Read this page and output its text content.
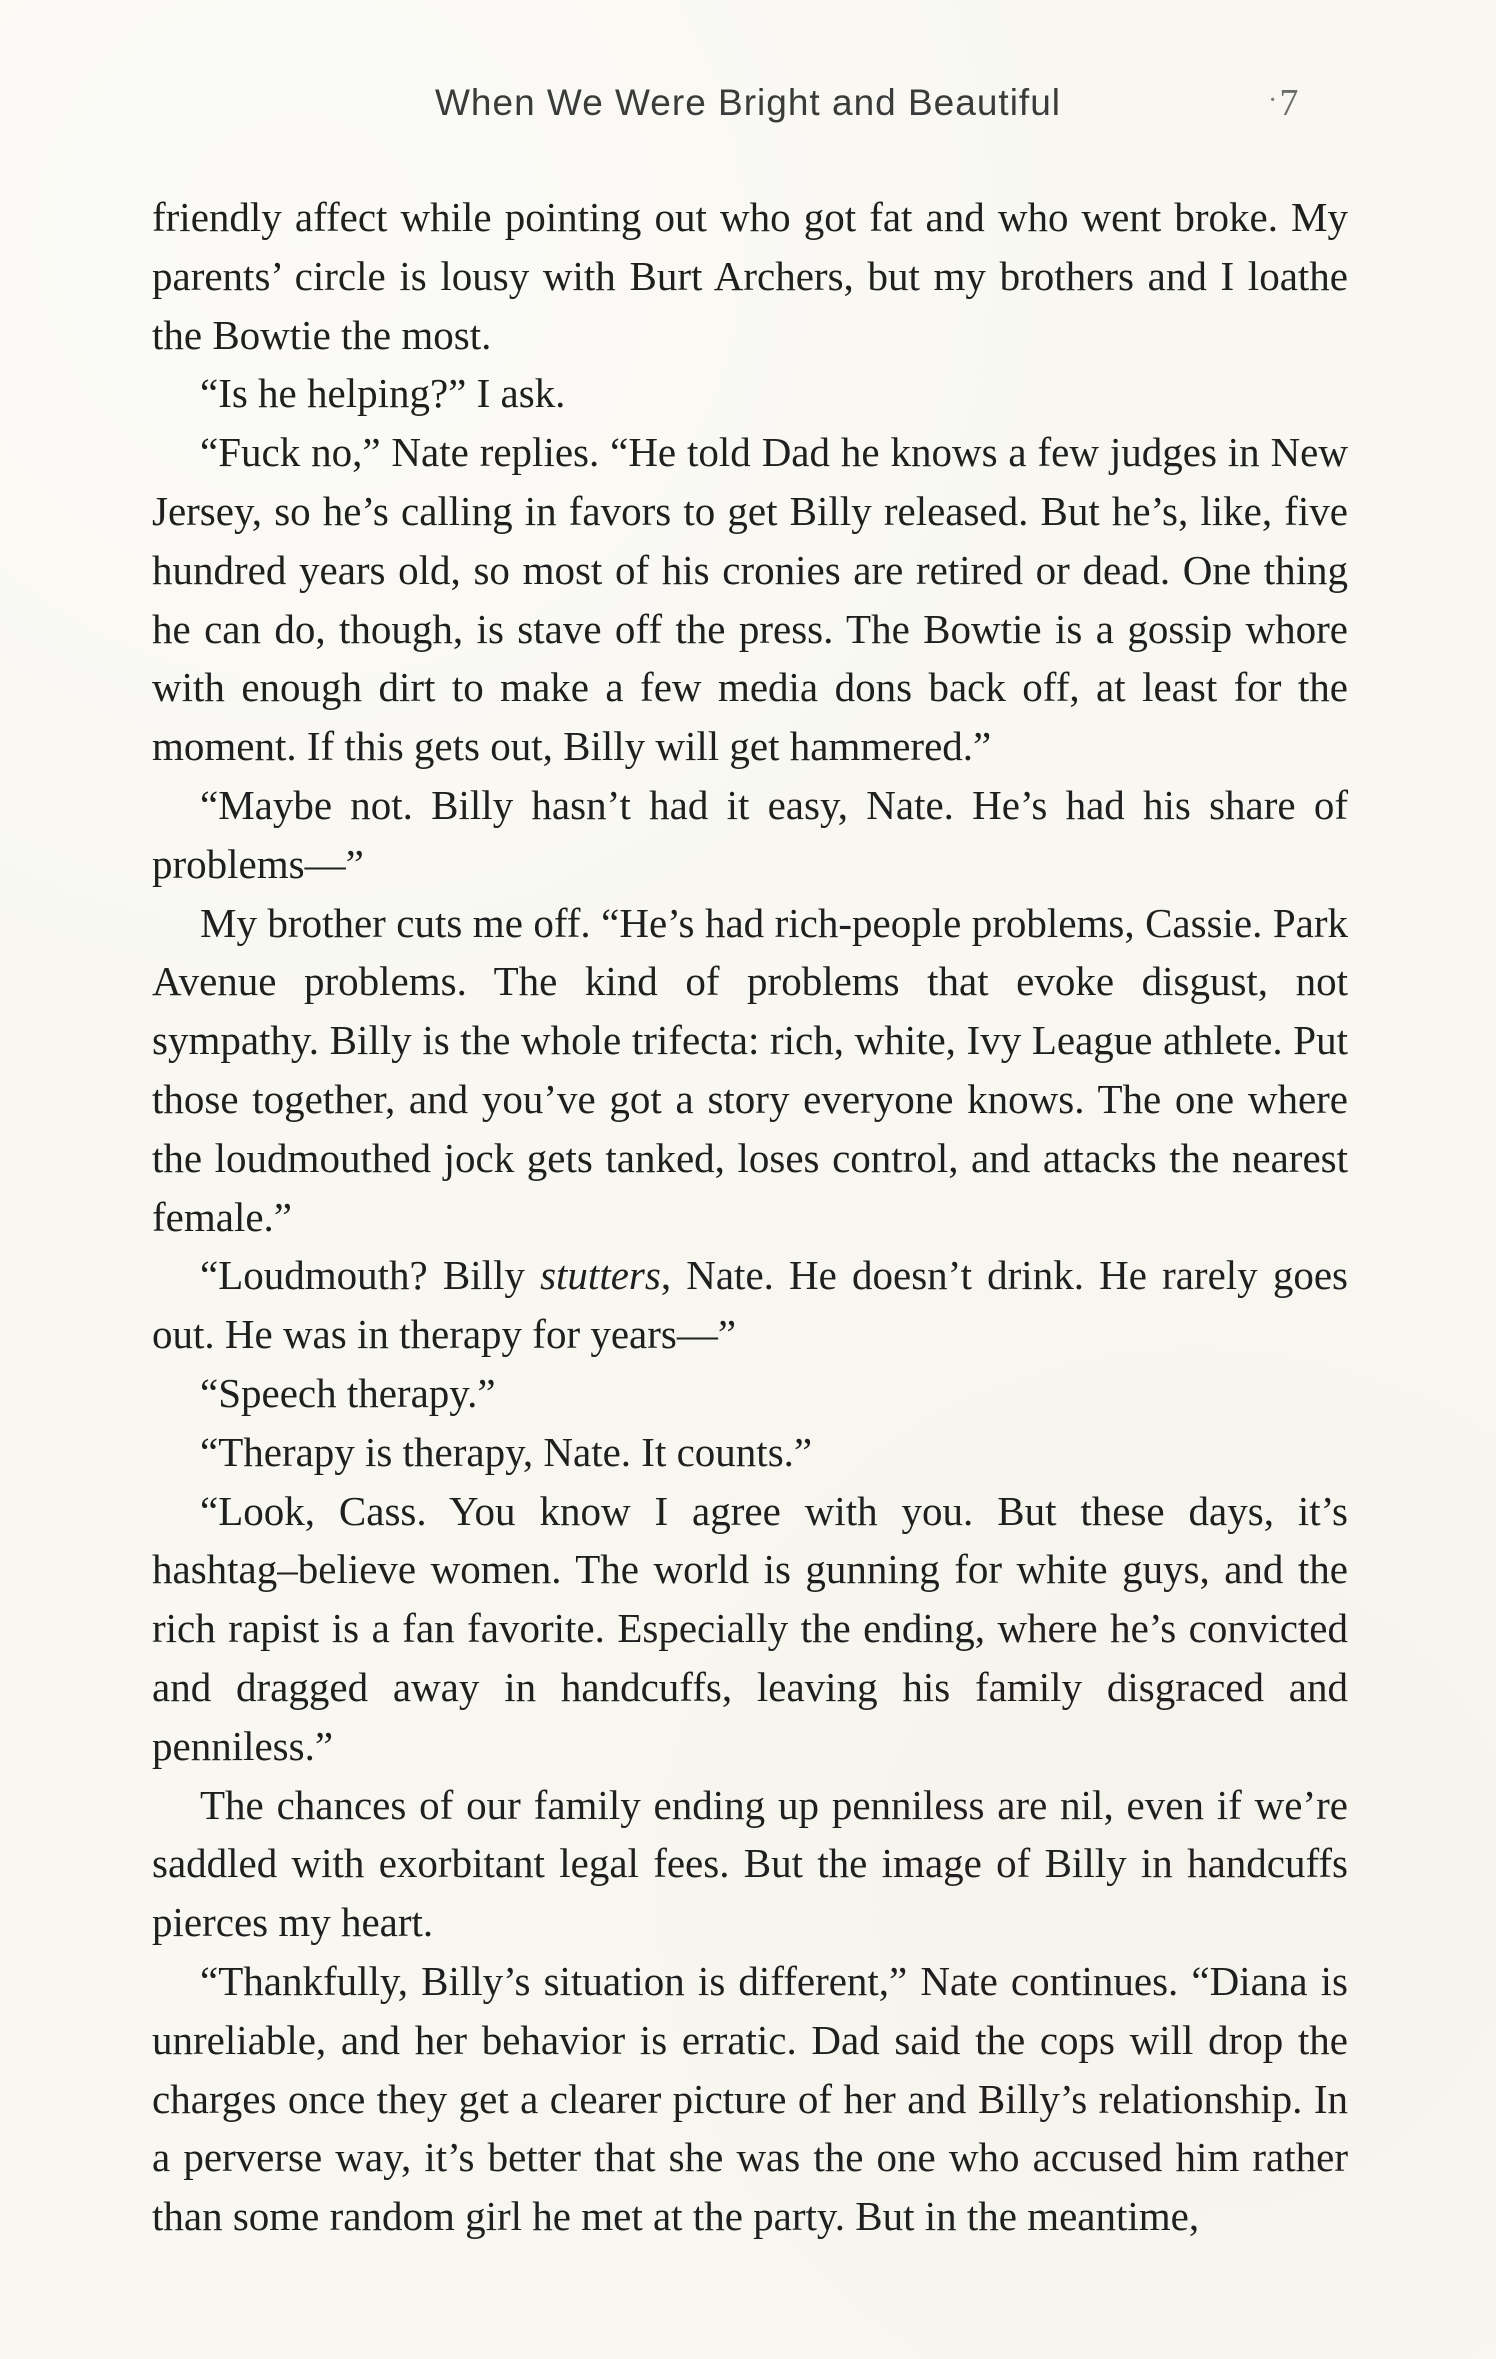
When We Were Bright and Beautiful	·7

friendly affect while pointing out who got fat and who went broke. My parents’ circle is lousy with Burt Archers, but my brothers and I loathe the Bowtie the most.

“Is he helping?” I ask.

“Fuck no,” Nate replies. “He told Dad he knows a few judges in New Jersey, so he’s calling in favors to get Billy released. But he’s, like, five hundred years old, so most of his cronies are retired or dead. One thing he can do, though, is stave off the press. The Bowtie is a gossip whore with enough dirt to make a few media dons back off, at least for the moment. If this gets out, Billy will get hammered.”

“Maybe not. Billy hasn’t had it easy, Nate. He’s had his share of problems—”

My brother cuts me off. “He’s had rich-people problems, Cassie. Park Avenue problems. The kind of problems that evoke disgust, not sympathy. Billy is the whole trifecta: rich, white, Ivy League athlete. Put those together, and you’ve got a story everyone knows. The one where the loudmouthed jock gets tanked, loses control, and attacks the nearest female.”

“Loudmouth? Billy stutters, Nate. He doesn’t drink. He rarely goes out. He was in therapy for years—”

“Speech therapy.”

“Therapy is therapy, Nate. It counts.”

“Look, Cass. You know I agree with you. But these days, it’s hashtag–believe women. The world is gunning for white guys, and the rich rapist is a fan favorite. Especially the ending, where he’s convicted and dragged away in handcuffs, leaving his family disgraced and penniless.”

The chances of our family ending up penniless are nil, even if we’re saddled with exorbitant legal fees. But the image of Billy in handcuffs pierces my heart.

“Thankfully, Billy’s situation is different,” Nate continues. “Diana is unreliable, and her behavior is erratic. Dad said the cops will drop the charges once they get a clearer picture of her and Billy’s relationship. In a perverse way, it’s better that she was the one who accused him rather than some random girl he met at the party. But in the meantime,
